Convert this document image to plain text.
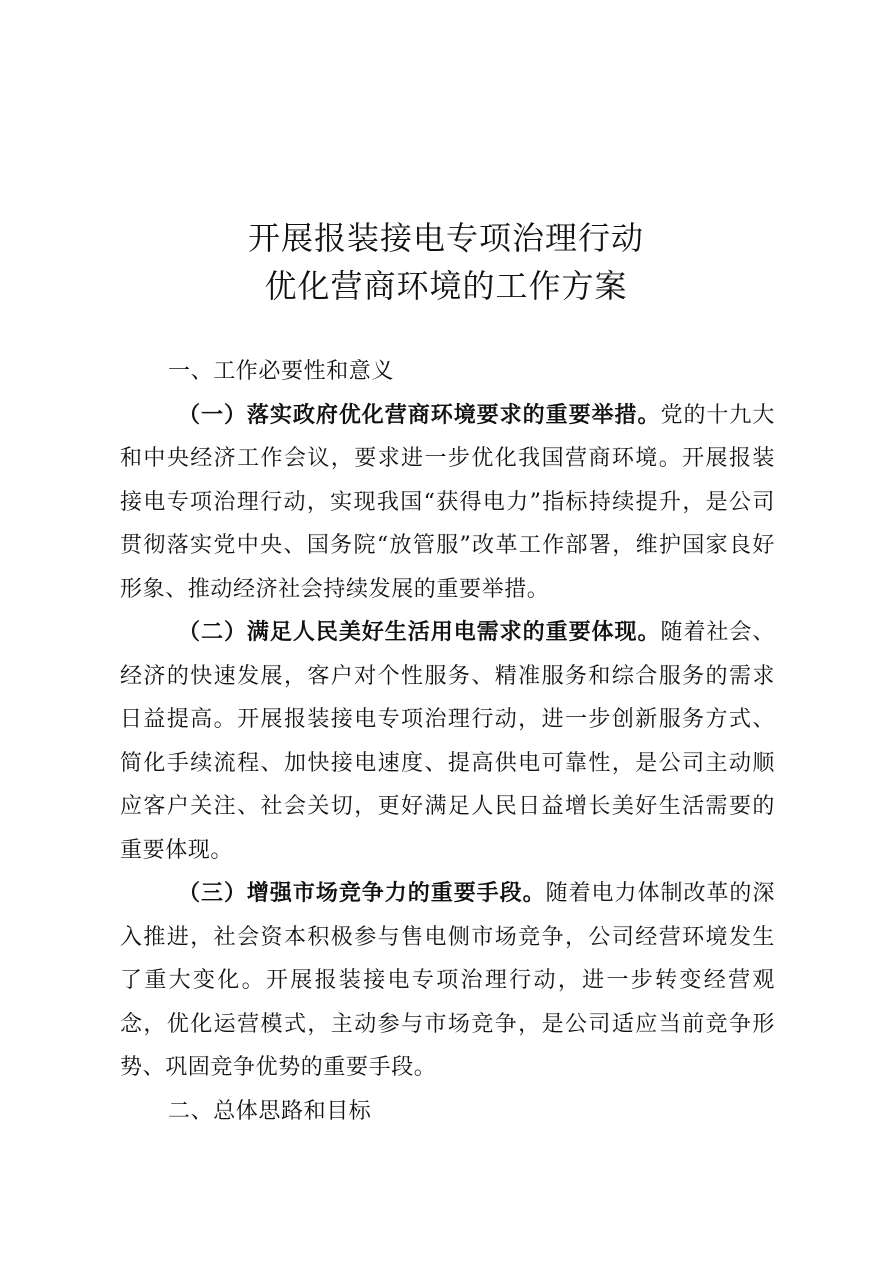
开展报装接电专项治理行动
优化营商环境的工作方案
一、工作必要性和意义

（一）落实政府优化营商环境要求的重要举措。党的十九大和中央经济工作会议，要求进一步优化我国营商环境。开展报装接电专项治理行动，实现我国“获得电力”指标持续提升，是公司贯彻落实党中央、国务院“放管服”改革工作部署，维护国家良好形象、推动经济社会持续发展的重要举措。

（二）满足人民美好生活用电需求的重要体现。随着社会、经济的快速发展，客户对个性服务、精准服务和综合服务的需求日益提高。开展报装接电专项治理行动，进一步创新服务方式、简化手续流程、加快接电速度、提高供电可靠性，是公司主动顺应客户关注、社会关切，更好满足人民日益增长美好生活需要的重要体现。

（三）增强市场竞争力的重要手段。随着电力体制改革的深入推进，社会资本积极参与售电侧市场竞争，公司经营环境发生了重大变化。开展报装接电专项治理行动，进一步转变经营观念，优化运营模式，主动参与市场竞争，是公司适应当前竞争形势、巩固竞争优势的重要手段。

二、总体思路和目标
